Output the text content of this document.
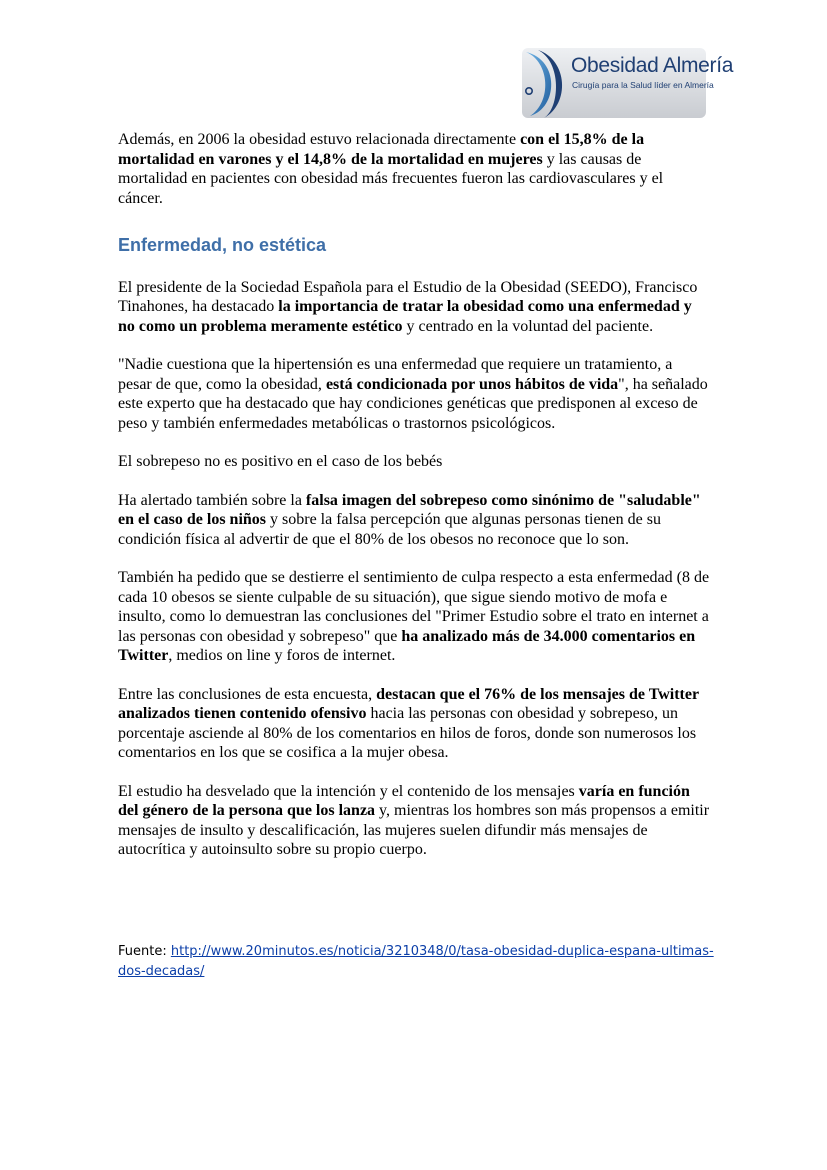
Obesidad Almería
Cirugía para la Salud líder en Almería

Además, en 2006 la obesidad estuvo relacionada directamente con el 15,8% de la mortalidad en varones y el 14,8% de la mortalidad en mujeres y las causas de mortalidad en pacientes con obesidad más frecuentes fueron las cardiovasculares y el cáncer.

Enfermedad, no estética

El presidente de la Sociedad Española para el Estudio de la Obesidad (SEEDO), Francisco Tinahones, ha destacado la importancia de tratar la obesidad como una enfermedad y no como un problema meramente estético y centrado en la voluntad del paciente.

"Nadie cuestiona que la hipertensión es una enfermedad que requiere un tratamiento, a pesar de que, como la obesidad, está condicionada por unos hábitos de vida", ha señalado este experto que ha destacado que hay condiciones genéticas que predisponen al exceso de peso y también enfermedades metabólicas o trastornos psicológicos.

El sobrepeso no es positivo en el caso de los bebés

Ha alertado también sobre la falsa imagen del sobrepeso como sinónimo de "saludable" en el caso de los niños y sobre la falsa percepción que algunas personas tienen de su condición física al advertir de que el 80% de los obesos no reconoce que lo son.

También ha pedido que se destierre el sentimiento de culpa respecto a esta enfermedad (8 de cada 10 obesos se siente culpable de su situación), que sigue siendo motivo de mofa e insulto, como lo demuestran las conclusiones del "Primer Estudio sobre el trato en internet a las personas con obesidad y sobrepeso" que ha analizado más de 34.000 comentarios en Twitter, medios on line y foros de internet.

Entre las conclusiones de esta encuesta, destacan que el 76% de los mensajes de Twitter analizados tienen contenido ofensivo hacia las personas con obesidad y sobrepeso, un porcentaje asciende al 80% de los comentarios en hilos de foros, donde son numerosos los comentarios en los que se cosifica a la mujer obesa.

El estudio ha desvelado que la intención y el contenido de los mensajes varía en función del género de la persona que los lanza y, mientras los hombres son más propensos a emitir mensajes de insulto y descalificación, las mujeres suelen difundir más mensajes de autocrítica y autoinsulto sobre su propio cuerpo.

Fuente: http://www.20minutos.es/noticia/3210348/0/tasa-obesidad-duplica-espana-ultimas-dos-decadas/
